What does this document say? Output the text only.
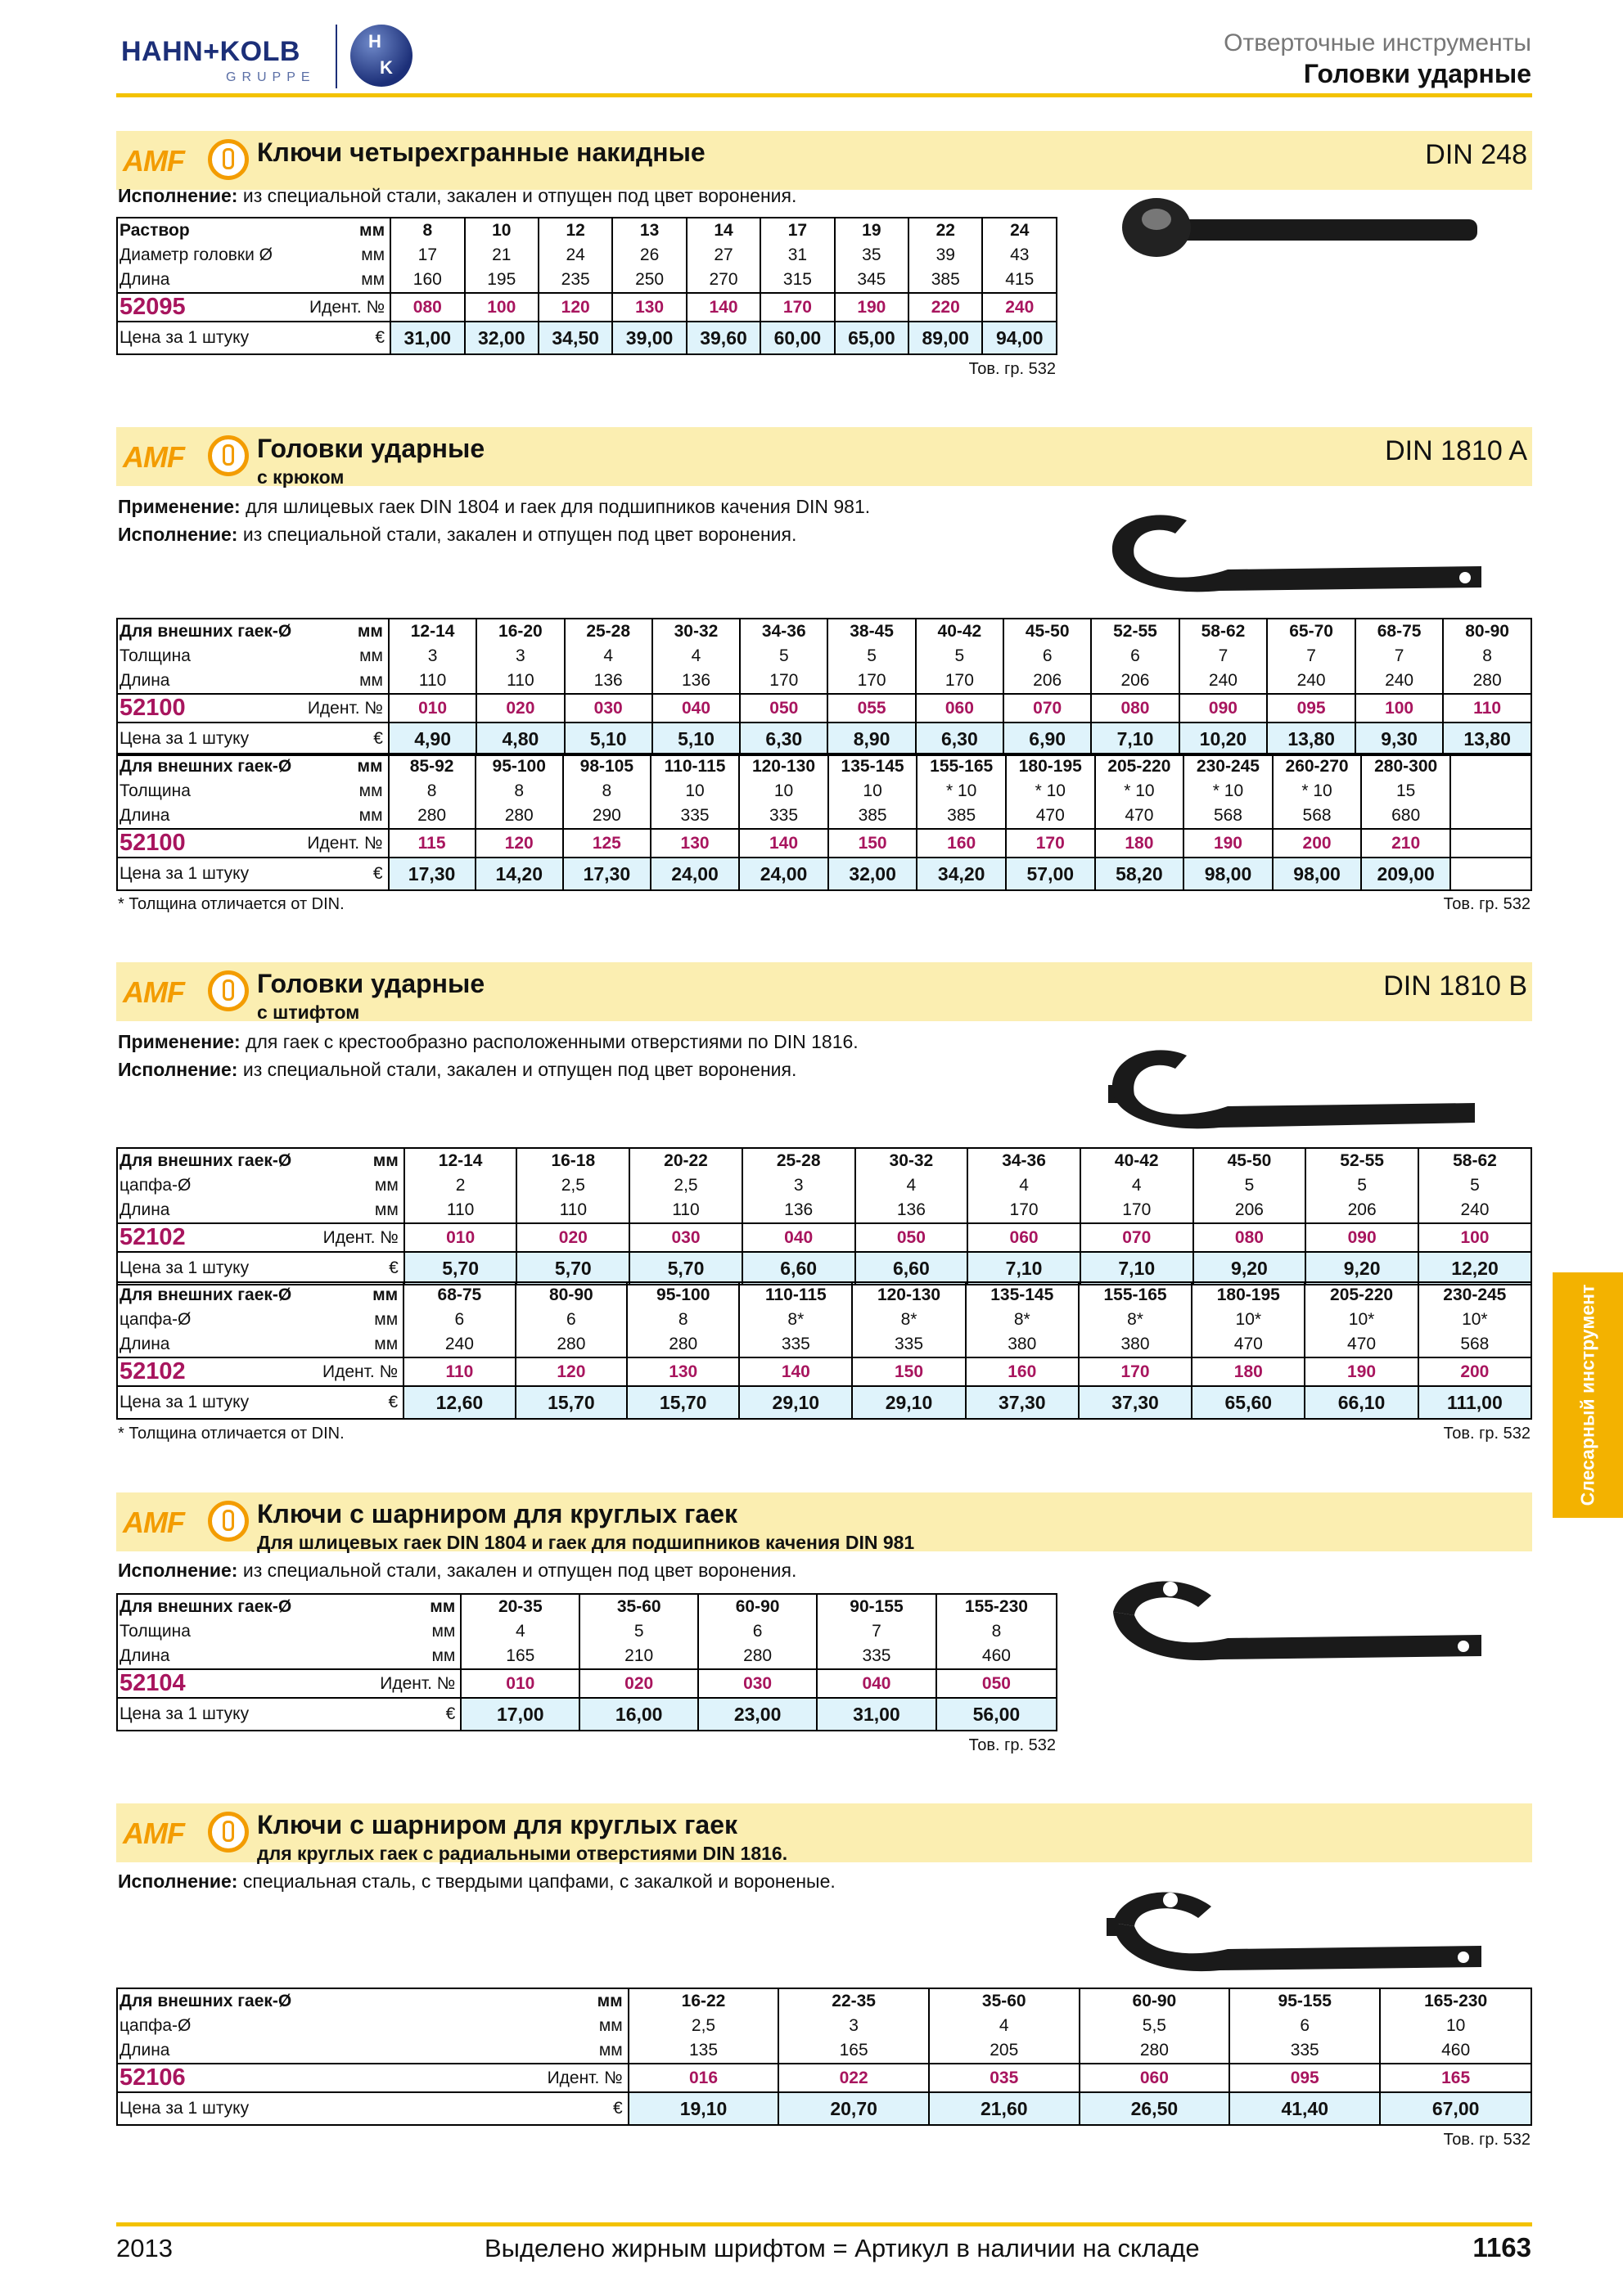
HAHN+KOLB
GRUPPE
H
K
Отверточные инструменты
Головки ударные
AMF	Ключи четырехгранные накидные	DIN 248
Исполнение: из специальной стали, закален и отпущен под цвет воронения.
Раствор	мм	8	10	12	13	14	17	19	22	24
Диаметр головки Ø	мм	17	21	24	26	27	31	35	39	43
Длина	мм	160	195	235	250	270	315	345	385	415
52095	Идент. №	080	100	120	130	140	170	190	220	240
Цена за 1 штуку	€	31,00	32,00	34,50	39,00	39,60	60,00	65,00	89,00	94,00
Тов. гр. 532
AMF	Головки ударные
с крюком
DIN 1810 A
Применение: для шлицевых гаек DIN 1804 и гаек для подшипников качения DIN 981.
Исполнение: из специальной стали, закален и отпущен под цвет воронения.
Для внешних гаек-Ø	мм	12-14	16-20	25-28	30-32	34-36	38-45	40-42	45-50	52-55	58-62	65-70	68-75	80-90
Толщина	мм	3	3	4	4	5	5	5	6	6	7	7	7	8
Длина	мм	110	110	136	136	170	170	170	206	206	240	240	240	280
52100	Идент. №	010	020	030	040	050	055	060	070	080	090	095	100	110
Цена за 1 штуку	€	4,90	4,80	5,10	5,10	6,30	8,90	6,30	6,90	7,10	10,20	13,80	9,30	13,80
Для внешних гаек-Ø	мм	85-92	95-100	98-105	110-115	120-130	135-145	155-165	180-195	205-220	230-245	260-270	280-300	
Толщина	мм	8	8	8	10	10	10	* 10	* 10	* 10	* 10	* 10	15	
Длина	мм	280	280	290	335	335	385	385	470	470	568	568	680	
52100	Идент. №	115	120	125	130	140	150	160	170	180	190	200	210	
Цена за 1 штуку	€	17,30	14,20	17,30	24,00	24,00	32,00	34,20	57,00	58,20	98,00	98,00	209,00	
* Толщина отличается от DIN.	Тов. гр. 532
AMF	Головки ударные
с штифтом
DIN 1810 B
Применение: для гаек с крестообразно расположенными отверстиями по DIN 1816.
Исполнение: из специальной стали, закален и отпущен под цвет воронения.
Для внешних гаек-Ø	мм	12-14	16-18	20-22	25-28	30-32	34-36	40-42	45-50	52-55	58-62
цапфа-Ø	мм	2	2,5	2,5	3	4	4	4	5	5	5
Длина	мм	110	110	110	136	136	170	170	206	206	240
52102	Идент. №	010	020	030	040	050	060	070	080	090	100
Цена за 1 штуку	€	5,70	5,70	5,70	6,60	6,60	7,10	7,10	9,20	9,20	12,20
Для внешних гаек-Ø	мм	68-75	80-90	95-100	110-115	120-130	135-145	155-165	180-195	205-220	230-245
цапфа-Ø	мм	6	6	8	8*	8*	8*	8*	10*	10*	10*
Длина	мм	240	280	280	335	335	380	380	470	470	568
52102	Идент. №	110	120	130	140	150	160	170	180	190	200
Цена за 1 штуку	€	12,60	15,70	15,70	29,10	29,10	37,30	37,30	65,60	66,10	111,00
* Толщина отличается от DIN.	Тов. гр. 532
AMF	Ключи с шарниром для круглых гаек
Для шлицевых гаек DIN 1804 и гаек для подшипников качения DIN 981
Исполнение: из специальной стали, закален и отпущен под цвет воронения.
Для внешних гаек-Ø	мм	20-35	35-60	60-90	90-155	155-230
Толщина	мм	4	5	6	7	8
Длина	мм	165	210	280	335	460
52104	Идент. №	010	020	030	040	050
Цена за 1 штуку	€	17,00	16,00	23,00	31,00	56,00
Тов. гр. 532
AMF	Ключи с шарниром для круглых гаек
для круглых гаек с радиальными отверстиями DIN 1816.
Исполнение: специальная сталь, с твердыми цапфами, с закалкой и вороненые.
Для внешних гаек-Ø	мм	16-22	22-35	35-60	60-90	95-155	165-230
цапфа-Ø	мм	2,5	3	4	5,5	6	10
Длина	мм	135	165	205	280	335	460
52106	Идент. №	016	022	035	060	095	165
Цена за 1 штуку	€	19,10	20,70	21,60	26,50	41,40	67,00
Тов. гр. 532
Слесарный инструмент
2013	Выделено жирным шрифтом = Артикул в наличии на складе	1163
